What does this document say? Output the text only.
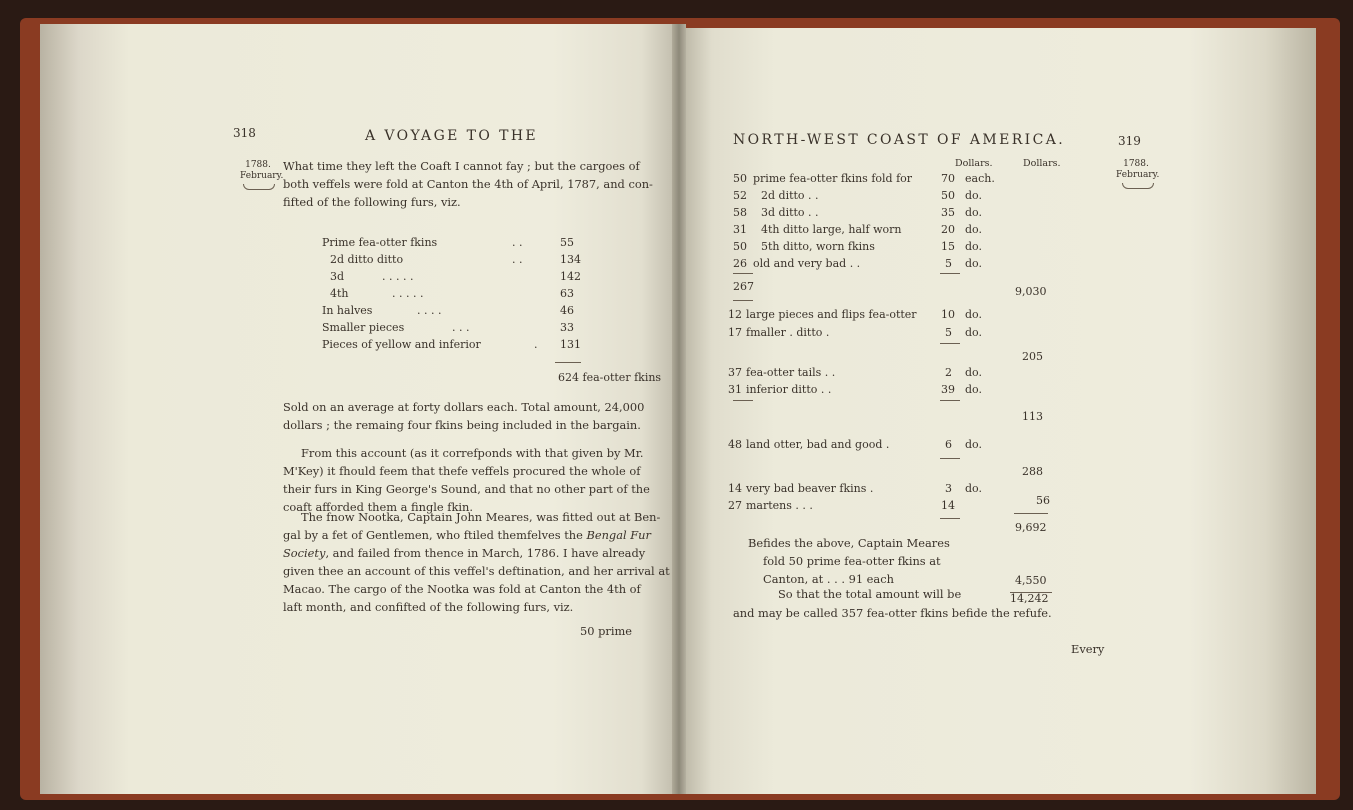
318	A VOYAGE TO THE
1788.
February.
What time they left the Coaft I cannot fay ; but the cargoes of
both veffels were fold at Canton the 4th of April, 1787, and con-
fifted of the following furs, viz.
Prime fea-otter fkins	. .	55
2d ditto ditto	. .	134
3d	. . . . .	142
4th	. . . . .	63
In halves	. . . .	46
Smaller pieces	. . .	33
Pieces of yellow and inferior	. 131
624 fea-otter fkins
Sold on an average at forty dollars each. Total amount, 24,000
dollars ; the remaing four fkins being included in the bargain.
From this account (as it correfponds with that given by Mr.
M'Key) it fhould feem that thefe veffels procured the whole of
their furs in King George's Sound, and that no other part of the
coaft afforded them a fingle fkin.
The fnow Nootka, Captain John Meares, was fitted out at Ben-
gal by a fet of Gentlemen, who ftiled themfelves the Bengal Fur
Society, and failed from thence in March, 1786. I have already
given thee an account of this veffel's deftination, and her arrival at
Macao. The cargo of the Nootka was fold at Canton the 4th of
laft month, and confifted of the following furs, viz.
50 prime
NORTH-WEST COAST OF AMERICA.	319
1788.
February.
Dollars.	Dollars.
50 prime fea-otter fkins fold for	70 each.
52 2d ditto . .	50 do.
58 3d ditto . .	35 do.
31 4th ditto large, half worn	20 do.
50 5th ditto, worn fkins	15 do.
26 old and very bad . .	5 do.
267	9,030
12 large pieces and flips fea-otter 10 do.
17 fmaller . ditto .	5 do.
205
37 fea-otter tails . .	2 do.
31 inferior ditto . .	39 do.
113
48 land otter, bad and good .	6 do.
288
14 very bad beaver fkins .	3 do.
27 martens . . .	14	56
9,692
Befides the above, Captain Meares
fold 50 prime fea-otter fkins at
Canton, at . . . 91 each	4,550
So that the total amount will be	14,242
and may be called 357 fea-otter fkins befide the refufe.
Every
